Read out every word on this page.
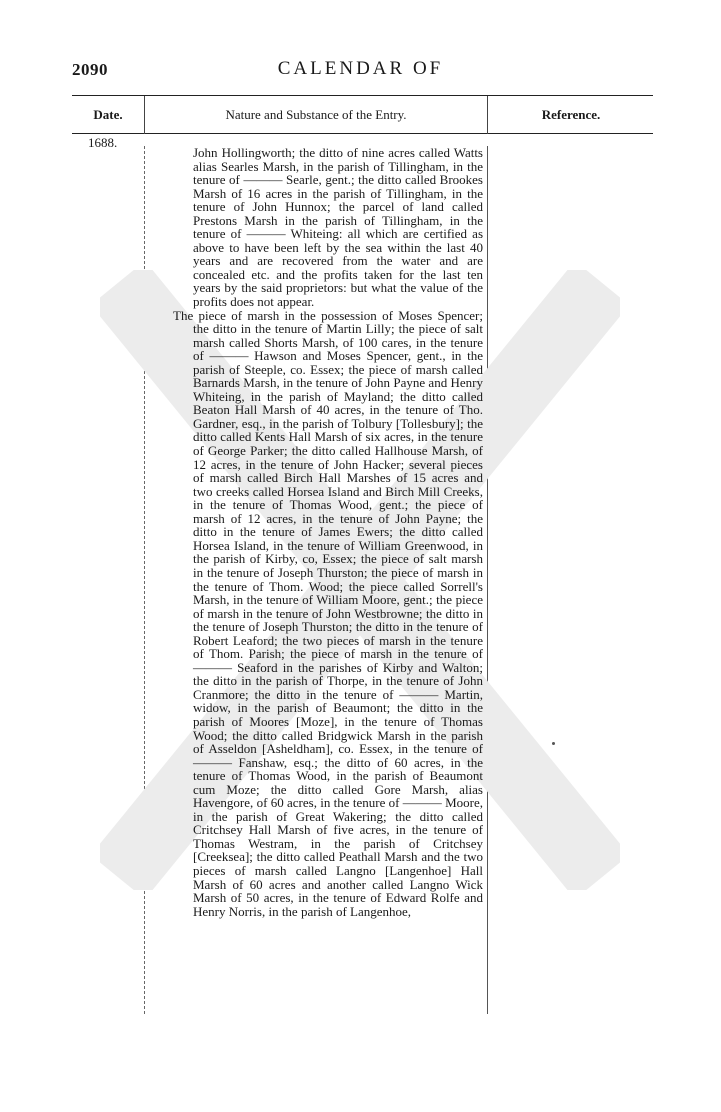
2090	CALENDAR OF
Date.	Nature and Substance of the Entry.	Reference.
1688.

John Hollingworth; the ditto of nine acres called Watts alias Searles Marsh, in the parish of Tillingham, in the tenure of ——— Searle, gent.; the ditto called Brookes Marsh of 16 acres in the parish of Tillingham, in the tenure of John Hunnox; the parcel of land called Prestons Marsh in the parish of Tillingham, in the tenure of ——— Whiteing: all which are certified as above to have been left by the sea within the last 40 years and are recovered from the water and are concealed etc. and the profits taken for the last ten years by the said proprietors: but what the value of the profits does not appear.

The piece of marsh in the possession of Moses Spencer; the ditto in the tenure of Martin Lilly; the piece of salt marsh called Shorts Marsh, of 100 cares, in the tenure of ——— Hawson and Moses Spencer, gent., in the parish of Steeple, co. Essex; the piece of marsh called Barnards Marsh, in the tenure of John Payne and Henry Whiteing, in the parish of Mayland; the ditto called Beaton Hall Marsh of 40 acres, in the tenure of Tho. Gardner, esq., in the parish of Tolbury [Tollesbury]; the ditto called Kents Hall Marsh of six acres, in the tenure of George Parker; the ditto called Hallhouse Marsh, of 12 acres, in the tenure of John Hacker; several pieces of marsh called Birch Hall Marshes of 15 acres and two creeks called Horsea Island and Birch Mill Creeks, in the tenure of Thomas Wood, gent.; the piece of marsh of 12 acres, in the tenure of John Payne; the ditto in the tenure of James Ewers; the ditto called Horsea Island, in the tenure of William Greenwood, in the parish of Kirby, co, Essex; the piece of salt marsh in the tenure of Joseph Thurston; the piece of marsh in the tenure of Thom. Wood; the piece called Sorrell's Marsh, in the tenure of William Moore, gent.; the piece of marsh in the tenure of John Westbrowne; the ditto in the tenure of Joseph Thurston; the ditto in the tenure of Robert Leaford; the two pieces of marsh in the tenure of Thom. Parish; the piece of marsh in the tenure of ——— Seaford in the parishes of Kirby and Walton; the ditto in the parish of Thorpe, in the tenure of John Cranmore; the ditto in the tenure of ——— Martin, widow, in the parish of Beaumont; the ditto in the parish of Moores [Moze], in the tenure of Thomas Wood; the ditto called Bridgwick Marsh in the parish of Asseldon [Asheldham], co. Essex, in the tenure of ——— Fanshaw, esq.; the ditto of 60 acres, in the tenure of Thomas Wood, in the parish of Beaumont cum Moze; the ditto called Gore Marsh, alias Havengore, of 60 acres, in the tenure of ——— Moore, in the parish of Great Wakering; the ditto called Critchsey Hall Marsh of five acres, in the tenure of Thomas Westram, in the parish of Critchsey [Creeksea]; the ditto called Peathall Marsh and the two pieces of marsh called Langno [Langenhoe] Hall Marsh of 60 acres and another called Langno Wick Marsh of 50 acres, in the tenure of Edward Rolfe and Henry Norris, in the parish of Langenhoe,
